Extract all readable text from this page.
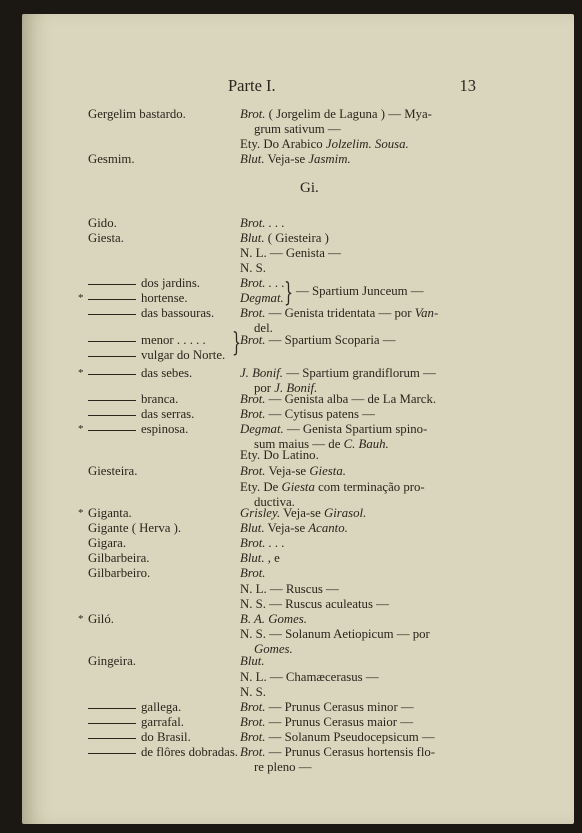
Parte I.	13
Gi.
Gergelim bastardo.	Brot. ( Jorgelim de Laguna ) — Mya-
grum sativum —
Ety. Do Arabico Jolzelim. Sousa.
Gesmim.	Blut. Veja-se Jasmim.
Gido.	Brot. . . .
Giesta.	Blut. ( Giesteira )
N. L. — Genista —
N. S.
dos jardins.	Brot. . . .
*	hortense.	Degmat. } — Spartium Junceum —
das bassouras. Brot. — Genista tridentata — por Van-
del.
menor . . . . .	Brot. — Spartium Scoparia —
vulgar do Norte.
*	das sebes.	J. Bonif. — Spartium grandiflorum —
por J. Bonif.
branca.	Brot. — Genista alba — de La Marck.
das serras.	Brot. — Cytisus patens —
*	espinosa.	Degmat. — Genista Spartium spino-
sum maius — de C. Bauh.
Ety. Do Latino.
Giesteira.	Brot. Veja-se Giesta.
Ety. De Giesta com terminação pro-
ductiva.
* Giganta.	Grisley. Veja-se Girasol.
Gigante ( Herva ).	Blut. Veja-se Acanto.
Gigara.	Brot. . . .
Gilbarbeira.	Blut. , e
Gilbarbeiro.	Brot.
N. L. — Ruscus —
N. S. — Ruscus aculeatus —
* Giló.	B. A. Gomes.
N. S. — Solanum Aetiopicum — por
Gomes.
Gingeira.	Blut.
N. L. — Chamæcerasus —
N. S.
gallega.	Brot. — Prunus Cerasus minor —
garrafal.	Brot. — Prunus Cerasus maior —
do Brasil.	Brot. — Solanum Pseudocepsicum —
de flôres dobradas. Brot. — Prunus Cerasus hortensis flo-
re pleno —
}
